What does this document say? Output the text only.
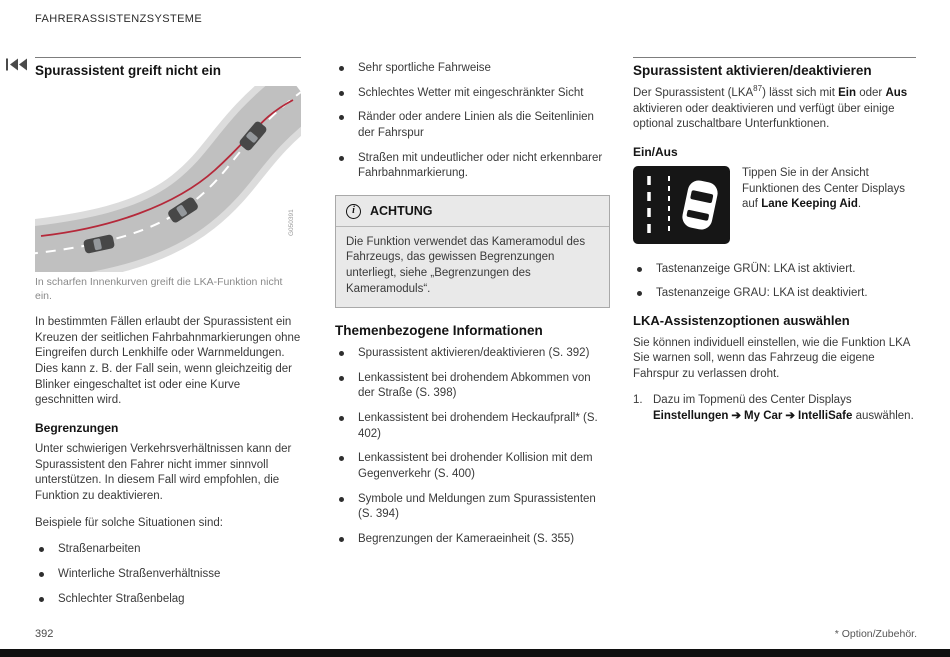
FAHRERASSISTENZSYSTEME
Spurassistent greift nicht ein
G050391
In scharfen Innenkurven greift die LKA-Funktion nicht ein.

In bestimmten Fällen erlaubt der Spurassistent ein Kreuzen der seitlichen Fahrbahnmarkierungen ohne Eingreifen durch Lenkhilfe oder Warnmeldungen. Dies kann z. B. der Fall sein, wenn gleichzeitig der Blinker eingeschaltet ist oder eine Kurve geschnitten wird.

Begrenzungen

Unter schwierigen Verkehrsverhältnissen kann der Spurassistent den Fahrer nicht immer sinnvoll unterstützen. In diesem Fall wird empfohlen, die Funktion zu deaktivieren.

Beispiele für solche Situationen sind:

Straßenarbeiten
Winterliche Straßenverhältnisse
Schlechter Straßenbelag
Sehr sportliche Fahrweise
Schlechtes Wetter mit eingeschränkter Sicht
Ränder oder andere Linien als die Seitenlinien der Fahrspur
Straßen mit undeutlicher oder nicht erkennbarer Fahrbahnmarkierung.
i	ACHTUNG
Die Funktion verwendet das Kameramodul des Fahrzeugs, das gewissen Begrenzungen unterliegt, siehe „Begrenzungen des Kameramoduls“.
Themenbezogene Informationen
Spurassistent aktivieren/deaktivieren (S. 392)
Lenkassistent bei drohendem Abkommen von der Straße (S. 398)
Lenkassistent bei drohendem Heckaufprall* (S. 402)
Lenkassistent bei drohender Kollision mit dem Gegenverkehr (S. 400)
Symbole und Meldungen zum Spurassistenten (S. 394)
Begrenzungen der Kameraeinheit (S. 355)
Spurassistent aktivieren/deaktivieren

Der Spurassistent (LKA$^{87}$) lässt sich mit Ein oder Aus aktivieren oder deaktivieren und verfügt über einige optional zuschaltbare Unterfunktionen.

Ein/Aus

Tippen Sie in der Ansicht Funktionen des Center Displays auf Lane Keeping Aid.

Tastenanzeige GRÜN: LKA ist aktiviert.
Tastenanzeige GRAU: LKA ist deaktiviert.
LKA-Assistenzoptionen auswählen

Sie können individuell einstellen, wie die Funktion LKA Sie warnen soll, wenn das Fahrzeug die eigene Fahrspur zu verlassen droht.

1. Dazu im Topmenü des Center Displays Einstellungen ➔ My Car ➔ IntelliSafe auswählen.
392	* Option/Zubehör.
